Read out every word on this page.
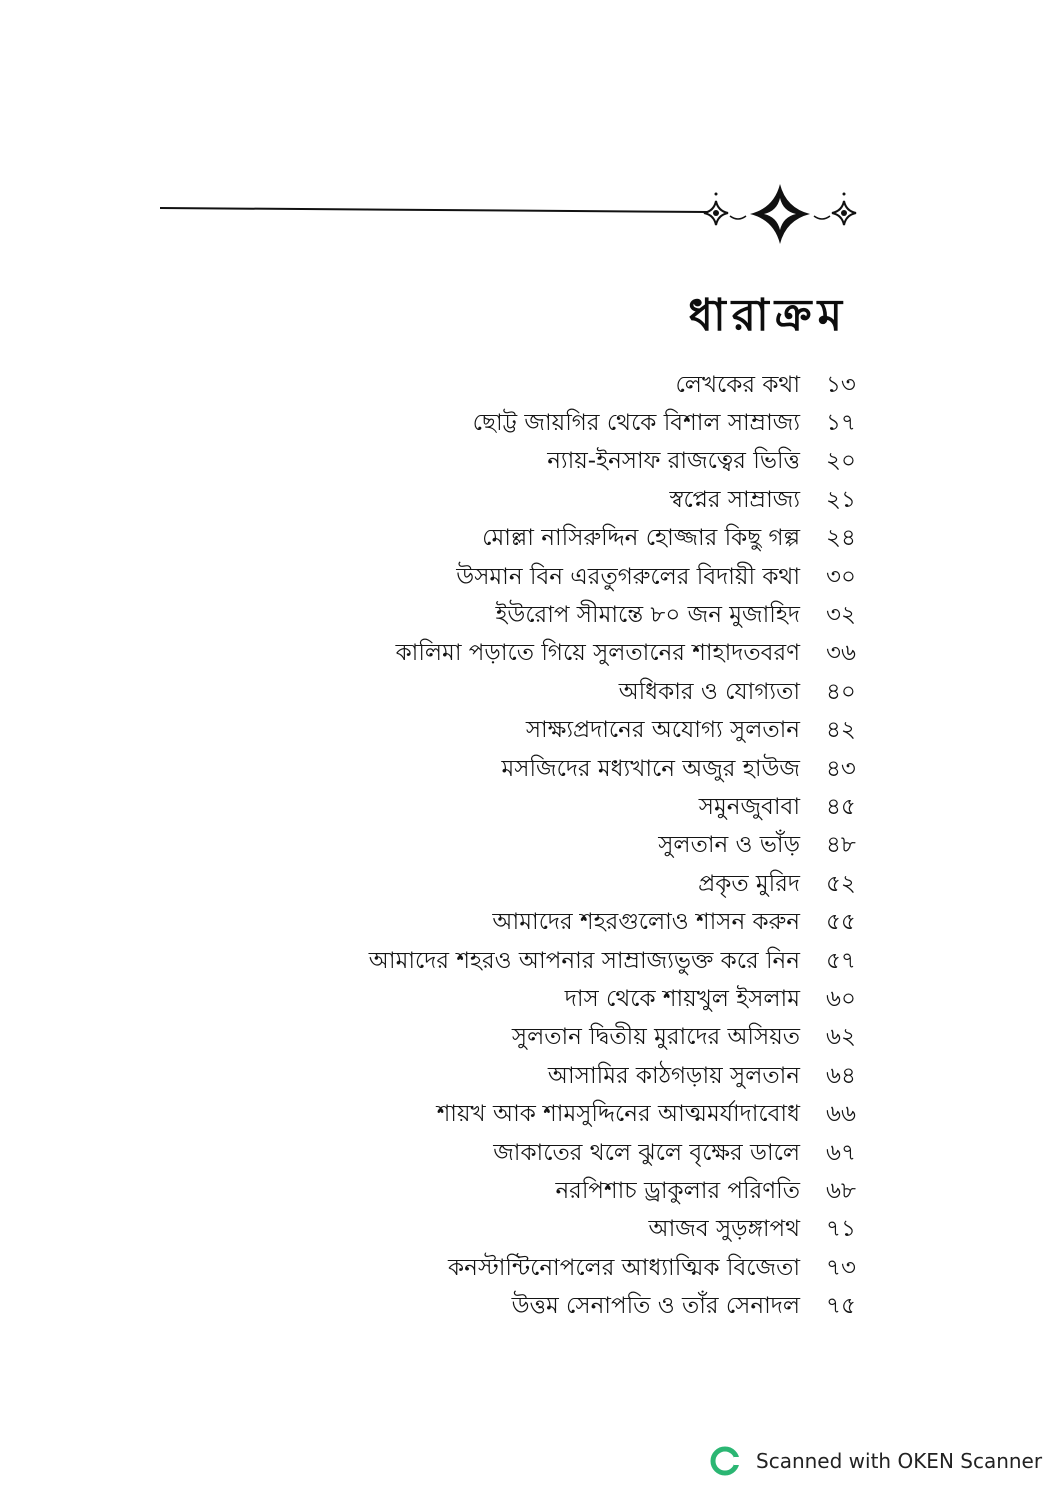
ধারাক্রম
লেখকের কথা ১৩
ছোট্ট জায়গির থেকে বিশাল সাম্রাজ্য ১৭
ন্যায়-ইনসাফ রাজত্বের ভিত্তি ২০
স্বপ্নের সাম্রাজ্য ২১
মোল্লা নাসিরুদ্দিন হোজ্জার কিছু গল্প ২৪
উসমান বিন এরতুগরুলের বিদায়ী কথা ৩০
ইউরোপ সীমান্তে ৮০ জন মুজাহিদ ৩২
কালিমা পড়াতে গিয়ে সুলতানের শাহাদতবরণ ৩৬
অধিকার ও যোগ্যতা ৪০
সাক্ষ্যপ্রদানের অযোগ্য সুলতান ৪২
মসজিদের মধ্যখানে অজুর হাউজ ৪৩
সমুনজুবাবা ৪৫
সুলতান ও ভাঁড় ৪৮
প্রকৃত মুরিদ ৫২
আমাদের শহরগুলোও শাসন করুন ৫৫
আমাদের শহরও আপনার সাম্রাজ্যভুক্ত করে নিন ৫৭
দাস থেকে শায়খুল ইসলাম ৬০
সুলতান দ্বিতীয় মুরাদের অসিয়ত ৬২
আসামির কাঠগড়ায় সুলতান ৬৪
শায়খ আক শামসুদ্দিনের আত্মমর্যাদাবোধ ৬৬
জাকাতের থলে ঝুলে বৃক্ষের ডালে ৬৭
নরপিশাচ ড্রাকুলার পরিণতি ৬৮
আজব সুড়ঙ্গাপথ ৭১
কনস্টান্টিনোপলের আধ্যাত্মিক বিজেতা ৭৩
উত্তম সেনাপতি ও তাঁর সেনাদল ৭৫
Scanned with OKEN Scanner
